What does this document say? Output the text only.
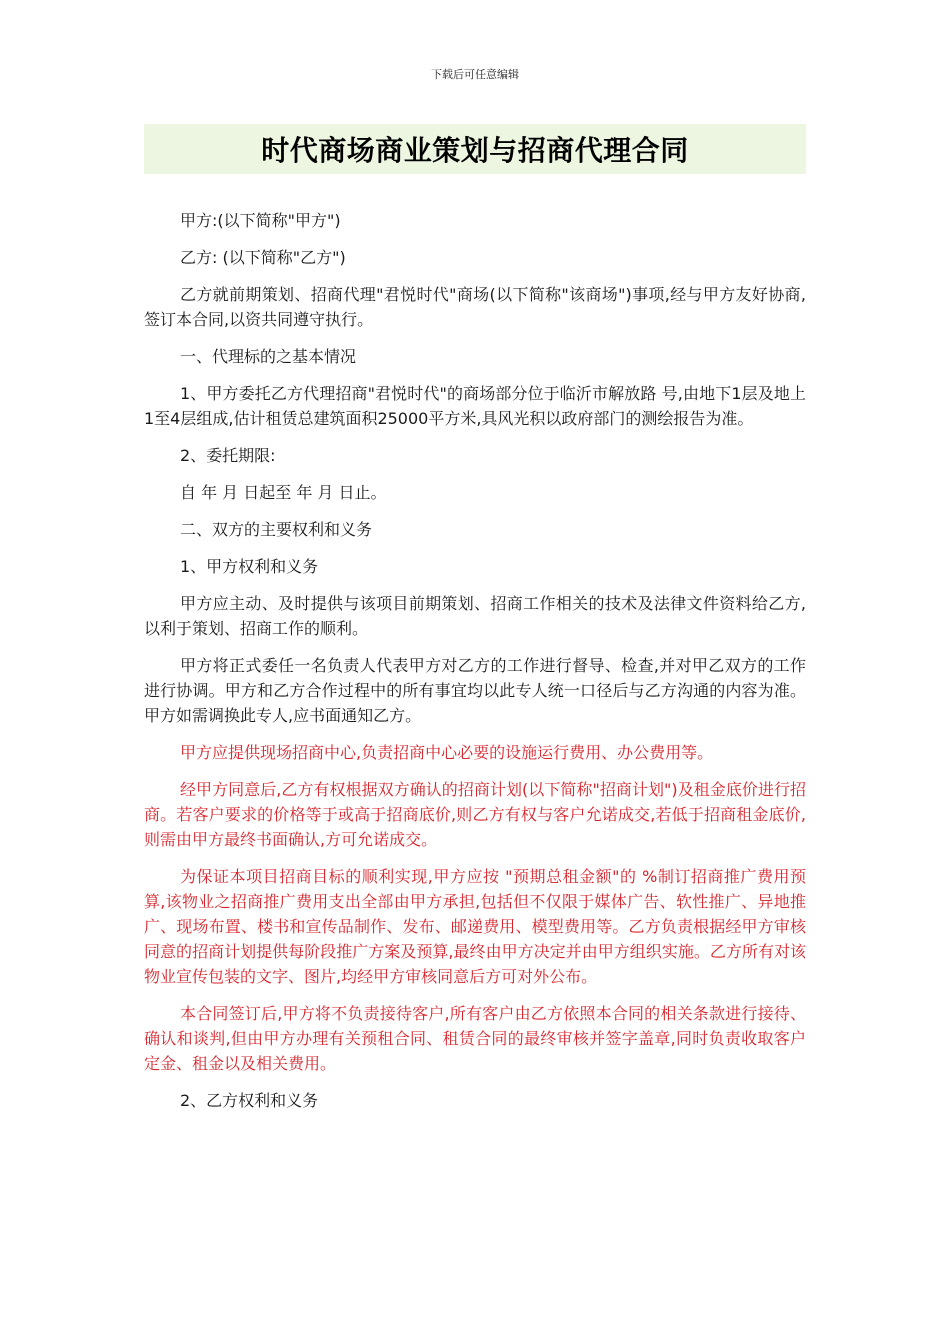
下载后可任意编辑
时代商场商业策划与招商代理合同

甲方:(以下简称"甲方")

乙方: (以下简称"乙方")

乙方就前期策划、招商代理"君悦时代"商场(以下简称"该商场")事项,经与甲方友好协商,签订本合同,以资共同遵守执行。

一、代理标的之基本情况

1、甲方委托乙方代理招商"君悦时代"的商场部分位于临沂市解放路 号,由地下1层及地上1至4层组成,估计租赁总建筑面积25000平方米,具风光积以政府部门的测绘报告为准。

2、委托期限:

自 年 月 日起至 年 月 日止。

二、双方的主要权利和义务

1、甲方权利和义务

甲方应主动、及时提供与该项目前期策划、招商工作相关的技术及法律文件资料给乙方,以利于策划、招商工作的顺利。

甲方将正式委任一名负责人代表甲方对乙方的工作进行督导、检查,并对甲乙双方的工作进行协调。甲方和乙方合作过程中的所有事宜均以此专人统一口径后与乙方沟通的内容为准。甲方如需调换此专人,应书面通知乙方。

甲方应提供现场招商中心,负责招商中心必要的设施运行费用、办公费用等。

经甲方同意后,乙方有权根据双方确认的招商计划(以下简称"招商计划")及租金底价进行招商。若客户要求的价格等于或高于招商底价,则乙方有权与客户允诺成交,若低于招商租金底价,则需由甲方最终书面确认,方可允诺成交。

为保证本项目招商目标的顺利实现,甲方应按 "预期总租金额"的 %制订招商推广费用预算,该物业之招商推广费用支出全部由甲方承担,包括但不仅限于媒体广告、软性推广、异地推广、现场布置、楼书和宣传品制作、发布、邮递费用、模型费用等。乙方负责根据经甲方审核同意的招商计划提供每阶段推广方案及预算,最终由甲方决定并由甲方组织实施。乙方所有对该物业宣传包装的文字、图片,均经甲方审核同意后方可对外公布。

本合同签订后,甲方将不负责接待客户,所有客户由乙方依照本合同的相关条款进行接待、确认和谈判,但由甲方办理有关预租合同、租赁合同的最终审核并签字盖章,同时负责收取客户定金、租金以及相关费用。

2、乙方权利和义务
